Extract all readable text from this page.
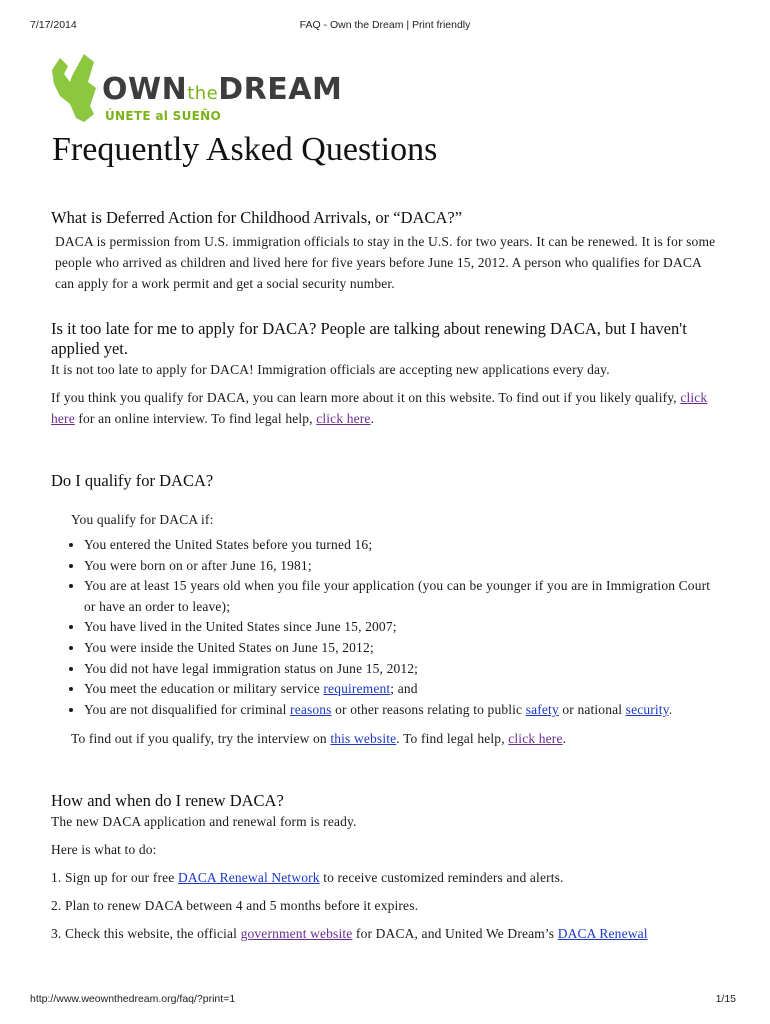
7/17/2014	FAQ - Own the Dream | Print friendly
OWNtheDREAM
ÚNETE al SUEÑO
Frequently Asked Questions
What is Deferred Action for Childhood Arrivals, or “DACA?”

DACA is permission from U.S. immigration officials to stay in the U.S. for two years. It can be renewed. It is for some people who arrived as children and lived here for five years before June 15, 2012. A person who qualifies for DACA can apply for a work permit and get a social security number.

Is it too late for me to apply for DACA? People are talking about renewing DACA, but I haven't applied yet.

It is not too late to apply for DACA! Immigration officials are accepting new applications every day.

If you think you qualify for DACA, you can learn more about it on this website. To find out if you likely qualify, click here for an online interview. To find legal help, click here.

Do I qualify for DACA?

You qualify for DACA if:

• You entered the United States before you turned 16;
• You were born on or after June 16, 1981;
• You are at least 15 years old when you file your application (you can be younger if you are in Immigration Court or have an order to leave);
• You have lived in the United States since June 15, 2007;
• You were inside the United States on June 15, 2012;
• You did not have legal immigration status on June 15, 2012;
• You meet the education or military service requirement; and
• You are not disqualified for criminal reasons or other reasons relating to public safety or national security.

To find out if you qualify, try the interview on this website. To find legal help, click here.

How and when do I renew DACA?

The new DACA application and renewal form is ready.

Here is what to do:

1. Sign up for our free DACA Renewal Network to receive customized reminders and alerts.

2. Plan to renew DACA between 4 and 5 months before it expires.

3. Check this website, the official government website for DACA, and United We Dream’s DACA Renewal

http://www.weownthedream.org/faq/?print=1	1/15
